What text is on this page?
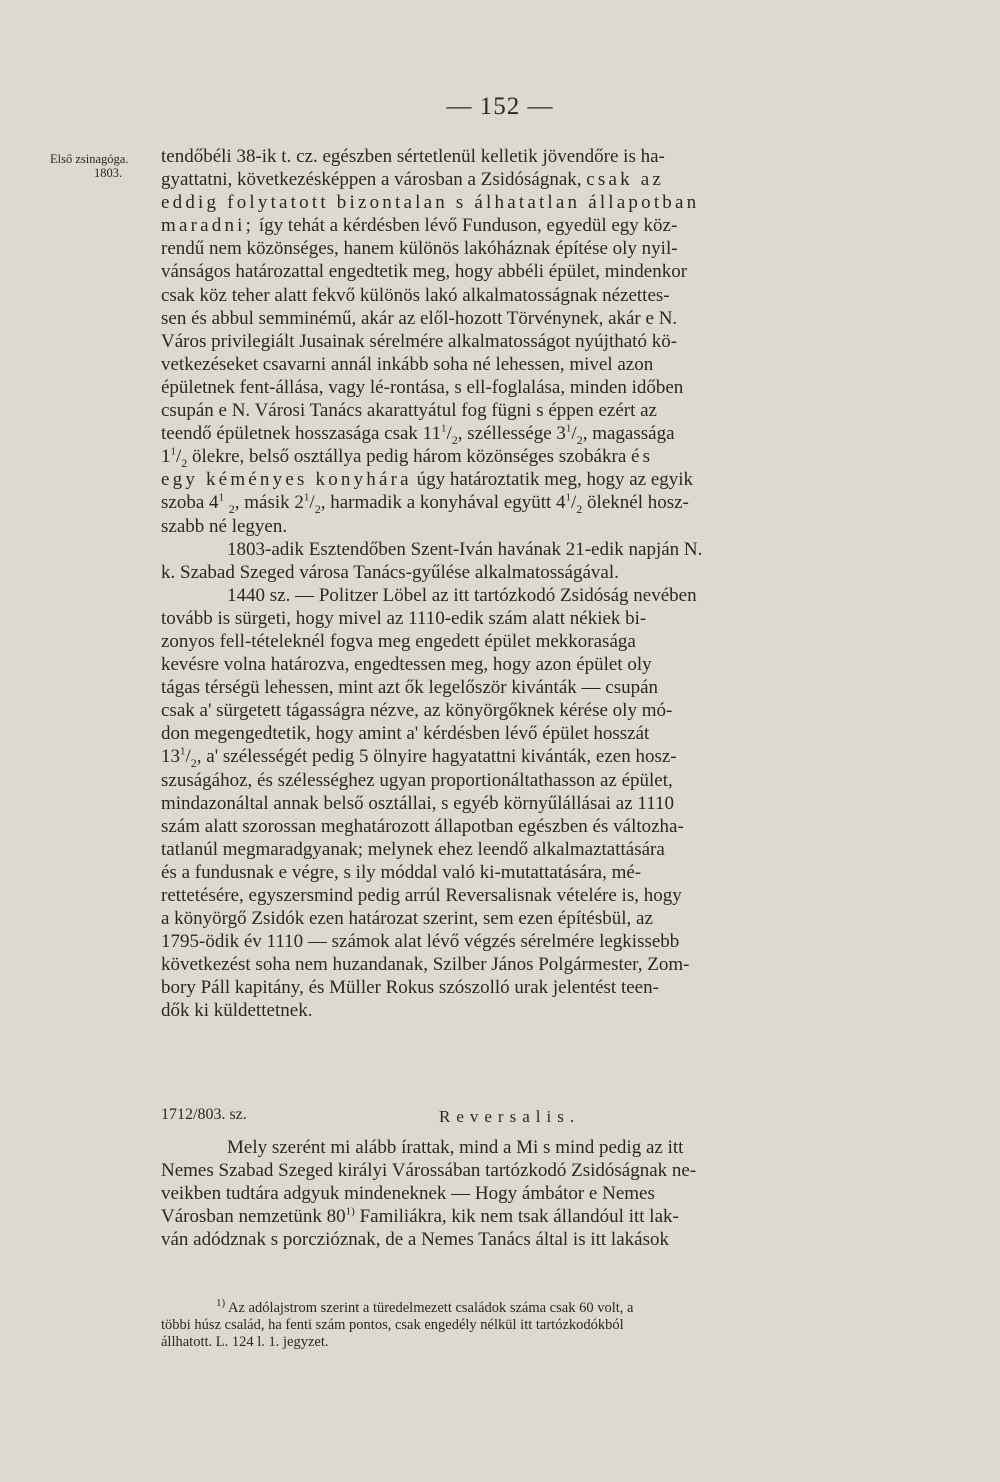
— 152 —
Első zsinagóga.
1803.
tendőbéli 38-ik t. cz. egészben sértetlenül kelletik jövendőre is ha-
gyattatni, következésképpen a városban a Zsidóságnak, csak az
eddig folytatott bizontalan s álhatatlan állapotban
maradni; így tehát a kérdésben lévő Funduson, egyedül egy köz-
rendű nem közönséges, hanem különös lakóháznak építése oly nyil-
vánságos határozattal engedtetik meg, hogy abbéli épület, mindenkor
csak köz teher alatt fekvő különös lakó alkalmatosságnak nézettes-
sen és abbul semminémű, akár az elől-hozott Törvénynek, akár e N.
Város privilegiált Jusainak sérelmére alkalmatosságot nyújtható kö-
vetkezéseket csavarni annál inkább soha né lehessen, mivel azon
épületnek fent-állása, vagy lé-rontása, s ell-foglalása, minden időben
csupán e N. Városi Tanács akarattyátul fog fügni s éppen ezért az
teendő épületnek hosszasága csak $11^1/_2$, széllessége $3^1/_2$, magassága
$1^1/_2$ ölekre, belső osztállya pedig három közönséges szobákra és
egy kéményes konyhára úgy határoztatik meg, hogy az egyik
szoba $4^1$ $_2$, másik $2^1/_2$, harmadik a konyhával együtt $4^1/_2$ öleknél hosz-
szabb né legyen.
1803-adik Esztendőben Szent-Iván havának 21-edik napján N.
k. Szabad Szeged városa Tanács-gyűlése alkalmatosságával.
1440 sz. — Politzer Löbel az itt tartózkodó Zsidóság nevében
tovább is sürgeti, hogy mivel az 1110-edik szám alatt nékiek bi-
zonyos fell-tételeknél fogva meg engedett épület mekkorasága
kevésre volna határozva, engedtessen meg, hogy azon épület oly
tágas térségü lehessen, mint azt ők legelőször kivánták — csupán
csak a' sürgetett tágasságra nézve, az könyörgőknek kérése oly mó-
don megengedtetik, hogy amint a' kérdésben lévő épület hosszát
$13^1/_2$, a' szélességét pedig 5 ölnyire hagyatattni kivánták, ezen hosz-
szuságához, és szélességhez ugyan proportionáltathasson az épület,
mindazonáltal annak belső osztállai, s egyéb környűlállásai az 1110
szám alatt szorossan meghatározott állapotban egészben és változha-
tatlanúl megmaradgyanak; melynek ehez leendő alkalmaztattására
és a fundusnak e végre, s ily móddal való ki-mutattatására, mé-
rettetésére, egyszersmind pedig arrúl Reversalisnak vételére is, hogy
a könyörgő Zsidók ezen határozat szerint, sem ezen építésbül, az
1795-ödik év 1110 — számok alat lévő végzés sérelmére legkissebb
következést soha nem huzandanak, Szilber János Polgármester, Zom-
bory Páll kapitány, és Müller Rokus szószolló urak jelentést teen-
dők ki küldettetnek.
1712/803. sz.	Reversalis.
Mely szerént mi alább írattak, mind a Mi s mind pedig az itt
Nemes Szabad Szeged királyi Várossában tartózkodó Zsidóságnak ne-
veikben tudtára adgyuk mindeneknek — Hogy ámbátor e Nemes
Városban nemzetünk 80$^{1)}$ Familiákra, kik nem tsak állandóul itt lak-
ván adódznak s porczióznak, de a Nemes Tanács által is itt lakások
$^{1)}$ Az adólajstrom szerint a türedelmezett családok száma csak 60 volt, a
többi húsz család, ha fenti szám pontos, csak engedély nélkül itt tartózkodókból
állhatott. L. 124 l. 1. jegyzet.
